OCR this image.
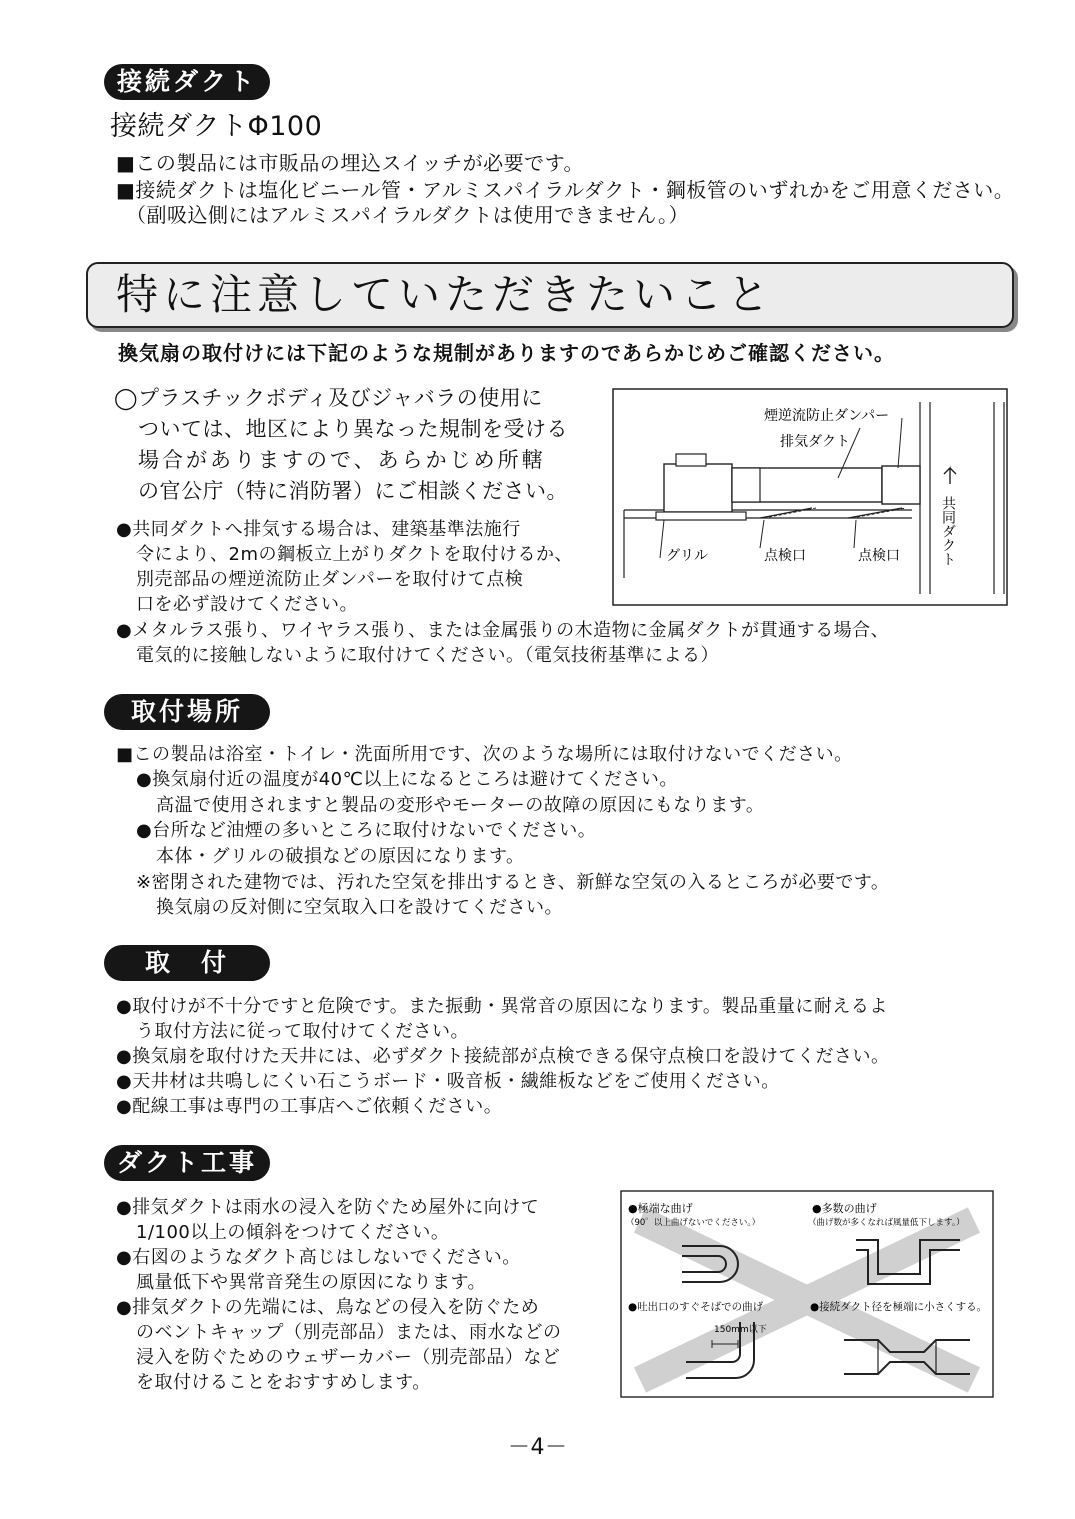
接続ダクト
接続ダクトΦ100
■この製品には市販品の埋込スイッチが必要です。
■接続ダクトは塩化ビニール管・アルミスパイラルダクト・鋼板管のいずれかをご用意ください。
（副吸込側にはアルミスパイラルダクトは使用できません。）
特に注意していただきたいこと
換気扇の取付けには下記のような規制がありますのであらかじめご確認ください。
◯プラスチックボディ及びジャバラの使用に
ついては、地区により異なった規制を受ける
場合がありますので、あらかじめ所轄
の官公庁（特に消防署）にご相談ください。
●共同ダクトへ排気する場合は、建築基準法施行
令により、2mの鋼板立上がりダクトを取付けるか、
別売部品の煙逆流防止ダンパーを取付けて点検
口を必ず設けてください。
●メタルラス張り、ワイヤラス張り、または金属張りの木造物に金属ダクトが貫通する場合、
電気的に接触しないように取付けてください。（電気技術基準による）
煙逆流防止ダンパー
排気ダクト
グリル	点検口	点検口	共同ダクト
取付場所
■この製品は浴室・トイレ・洗面所用です、次のような場所には取付けないでください。
●換気扇付近の温度が40℃以上になるところは避けてください。
高温で使用されますと製品の変形やモーターの故障の原因にもなります。
●台所など油煙の多いところに取付けないでください。
本体・グリルの破損などの原因になります。
※密閉された建物では、汚れた空気を排出するとき、新鮮な空気の入るところが必要です。
換気扇の反対側に空気取入口を設けてください。
取　付
●取付けが不十分ですと危険です。また振動・異常音の原因になります。製品重量に耐えるよ
う取付方法に従って取付けてください。
●換気扇を取付けた天井には、必ずダクト接続部が点検できる保守点検口を設けてください。
●天井材は共鳴しにくい石こうボード・吸音板・繊維板などをご使用ください。
●配線工事は専門の工事店へご依頼ください。
ダクト工事
●排気ダクトは雨水の浸入を防ぐため屋外に向けて
1/100以上の傾斜をつけてください。
●右図のようなダクト高じはしないでください。
風量低下や異常音発生の原因になります。
●排気ダクトの先端には、鳥などの侵入を防ぐため
のベントキャップ（別売部品）または、雨水などの
浸入を防ぐためのウェザーカバー（別売部品）など
を取付けることをおすすめします。
●極端な曲げ
（90゜以上曲げないでください。）
●多数の曲げ
（曲げ数が多くなれば風量低下します。）
●吐出口のすぐそばでの曲げ	●接続ダクト径を極端に小さくする。
150mm以下
－4－
